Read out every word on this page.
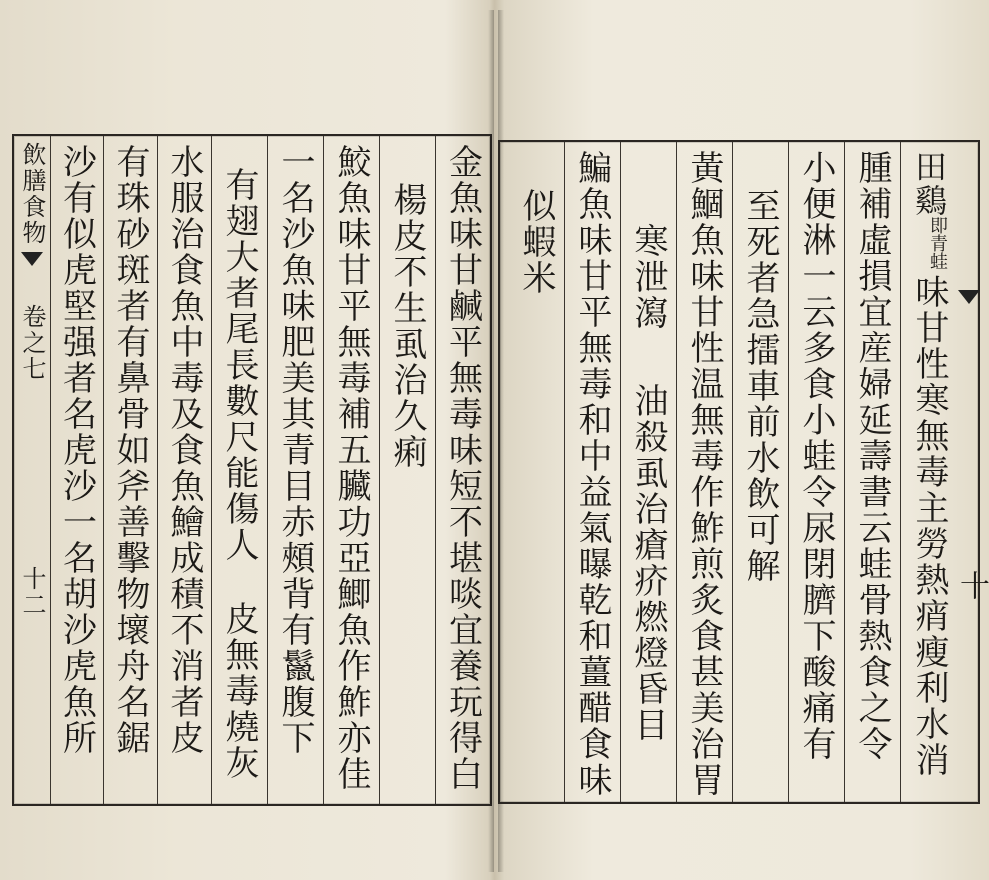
飲膳食物
卷之七
十二 沙有似虎堅强者名虎沙一名胡沙虎魚所 有珠砂斑者有鼻骨如斧善擊物壞舟名鋸 水服治食魚中毒及食魚鱠成積不消者皮 有翅大者尾長數尺能傷人
皮無毒燒灰 一名沙魚味肥美其青目赤頰背有鬣腹下 鮫魚味甘平無毒補五臟功亞鯽魚作鮓亦佳 楊皮不生虱治久痢 金魚味甘鹹平無毒味短不堪啖宜養玩得白	田鷄
即青蛙
味甘性寒無毒主勞熱痟瘦利水消
腫補虛損宜産婦延壽書云蛙骨熱食之令
小便淋一云多食小蛙令尿閉臍下酸痛有
至死者急擂車前水飲可解
黃鯝魚味甘性温無毒作鮓煎炙食甚美治胃
寒泄瀉
油殺虱治瘡疥燃燈昏目
鯿魚味甘平無毒和中益氣曝乾和薑醋食味
似蝦米
十
